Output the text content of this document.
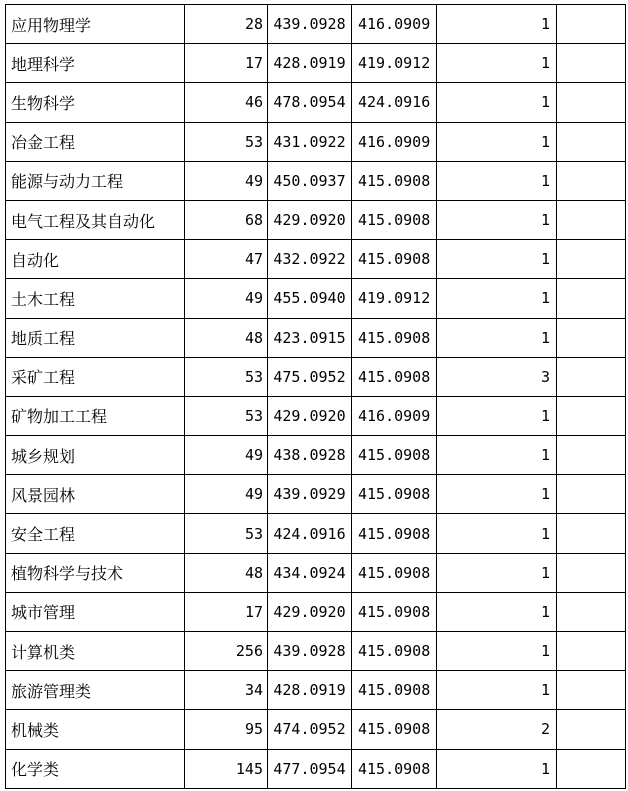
应用物理学	28	439.0928	416.0909	1	
地理科学	17	428.0919	419.0912	1	
生物科学	46	478.0954	424.0916	1	
冶金工程	53	431.0922	416.0909	1	
能源与动力工程	49	450.0937	415.0908	1	
电气工程及其自动化	68	429.0920	415.0908	1	
自动化	47	432.0922	415.0908	1	
土木工程	49	455.0940	419.0912	1	
地质工程	48	423.0915	415.0908	1	
采矿工程	53	475.0952	415.0908	3	
矿物加工工程	53	429.0920	416.0909	1	
城乡规划	49	438.0928	415.0908	1	
风景园林	49	439.0929	415.0908	1	
安全工程	53	424.0916	415.0908	1	
植物科学与技术	48	434.0924	415.0908	1	
城市管理	17	429.0920	415.0908	1	
计算机类	256	439.0928	415.0908	1	
旅游管理类	34	428.0919	415.0908	1	
机械类	95	474.0952	415.0908	2	
化学类	145	477.0954	415.0908	1	
